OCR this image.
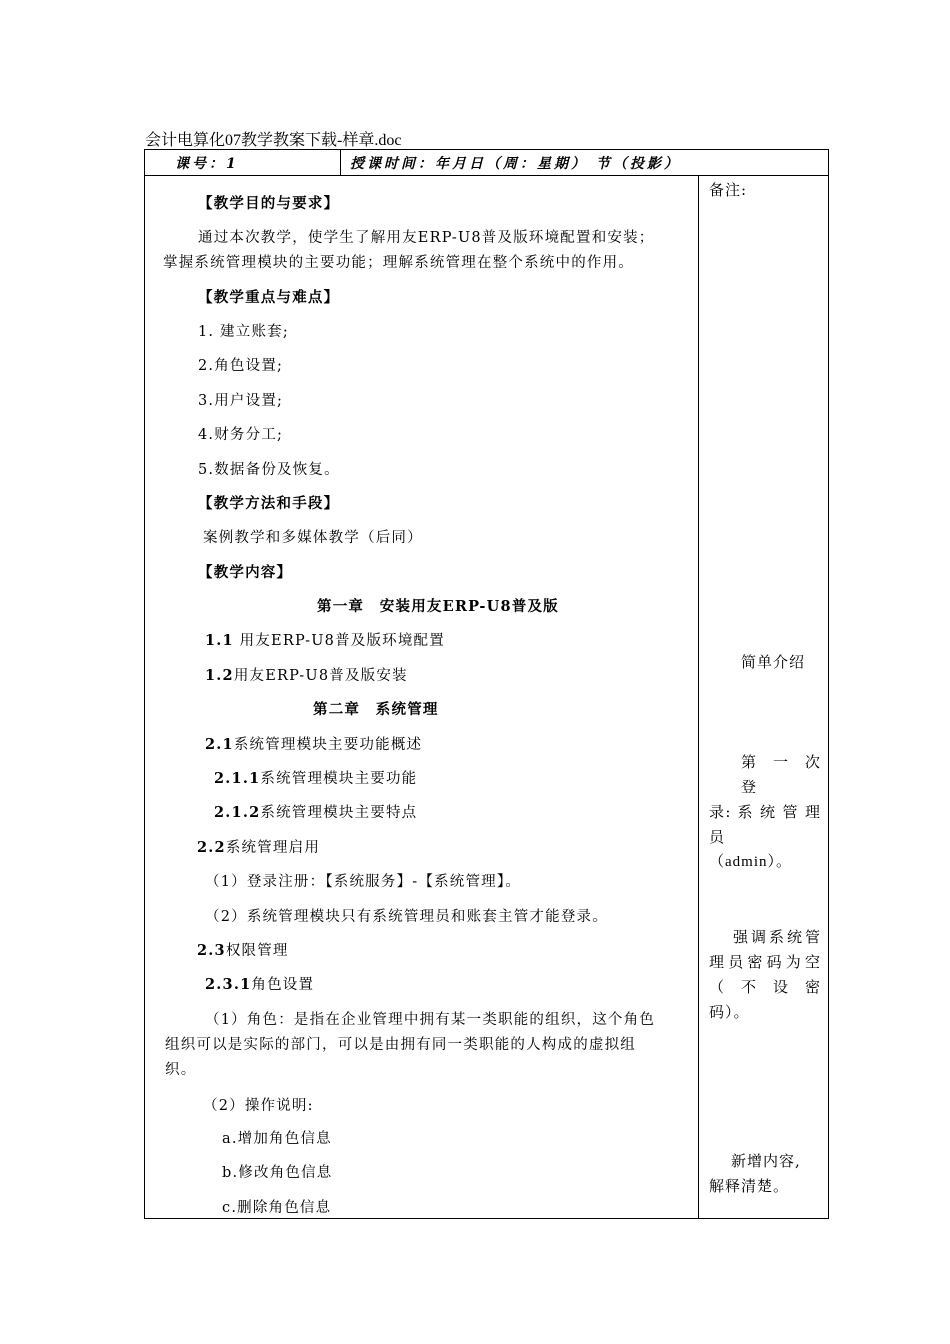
会计电算化07教学教案下载-样章.doc
课号：1	授课时间：年月日（周：星期） 节（投影）
【教学目的与要求】
通过本次教学，使学生了解用友ERP-U8普及版环境配置和安装；
掌握系统管理模块的主要功能；理解系统管理在整个系统中的作用。
【教学重点与难点】
1. 建立账套;
2.角色设置;
3.用户设置;
4.财务分工;
5.数据备份及恢复。
【教学方法和手段】
案例教学和多媒体教学（后同）
【教学内容】
第一章　安装用友ERP-U8普及版
1.1 用友ERP-U8普及版环境配置
1.2用友ERP-U8普及版安装
第二章　系统管理
2.1系统管理模块主要功能概述
2.1.1系统管理模块主要功能
2.1.2系统管理模块主要特点
2.2系统管理启用
（1）登录注册：【系统服务】-【系统管理】。
（2）系统管理模块只有系统管理员和账套主管才能登录。
2.3权限管理
2.3.1角色设置
（1）角色：是指在企业管理中拥有某一类职能的组织，这个角色
组织可以是实际的部门，可以是由拥有同一类职能的人构成的虚拟组
织。
（2）操作说明:
a.增加角色信息
b.修改角色信息
c.删除角色信息
备注:
简单介绍
第 一 次 登
录: 系 统 管 理
员
（admin）。
强调系统管
理员密码为空
（ 不 设 密
码）。
新增内容,
解释清楚。
